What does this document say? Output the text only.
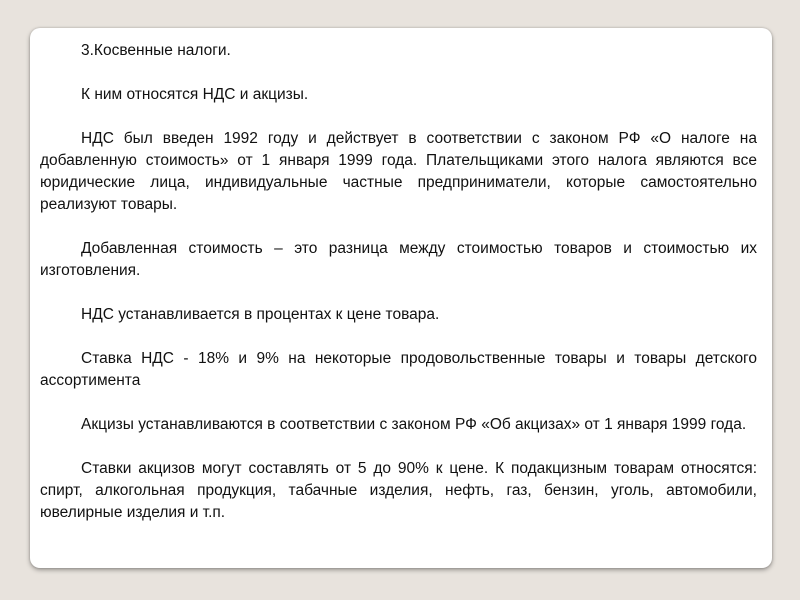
3.Косвенные налоги.

К ним относятся НДС и акцизы.

НДС был введен 1992 году и действует в соответствии с законом РФ «О налоге на добавленную стоимость» от 1 января 1999 года. Плательщиками этого налога являются все юридические лица, индивидуальные частные предприниматели, которые самостоятельно реализуют товары.

Добавленная стоимость – это разница между стоимостью товаров и стоимостью их изготовления.

НДС устанавливается в процентах к цене товара.

Ставка НДС - 18% и 9% на некоторые продовольственные товары и товары детского ассортимента

Акцизы устанавливаются в соответствии с законом РФ «Об акцизах» от 1 января 1999 года.

Ставки акцизов могут составлять от 5 до 90% к цене. К подакцизным товарам относятся: спирт, алкогольная продукция, табачные изделия, нефть, газ, бензин, уголь, автомобили, ювелирные изделия и т.п.
